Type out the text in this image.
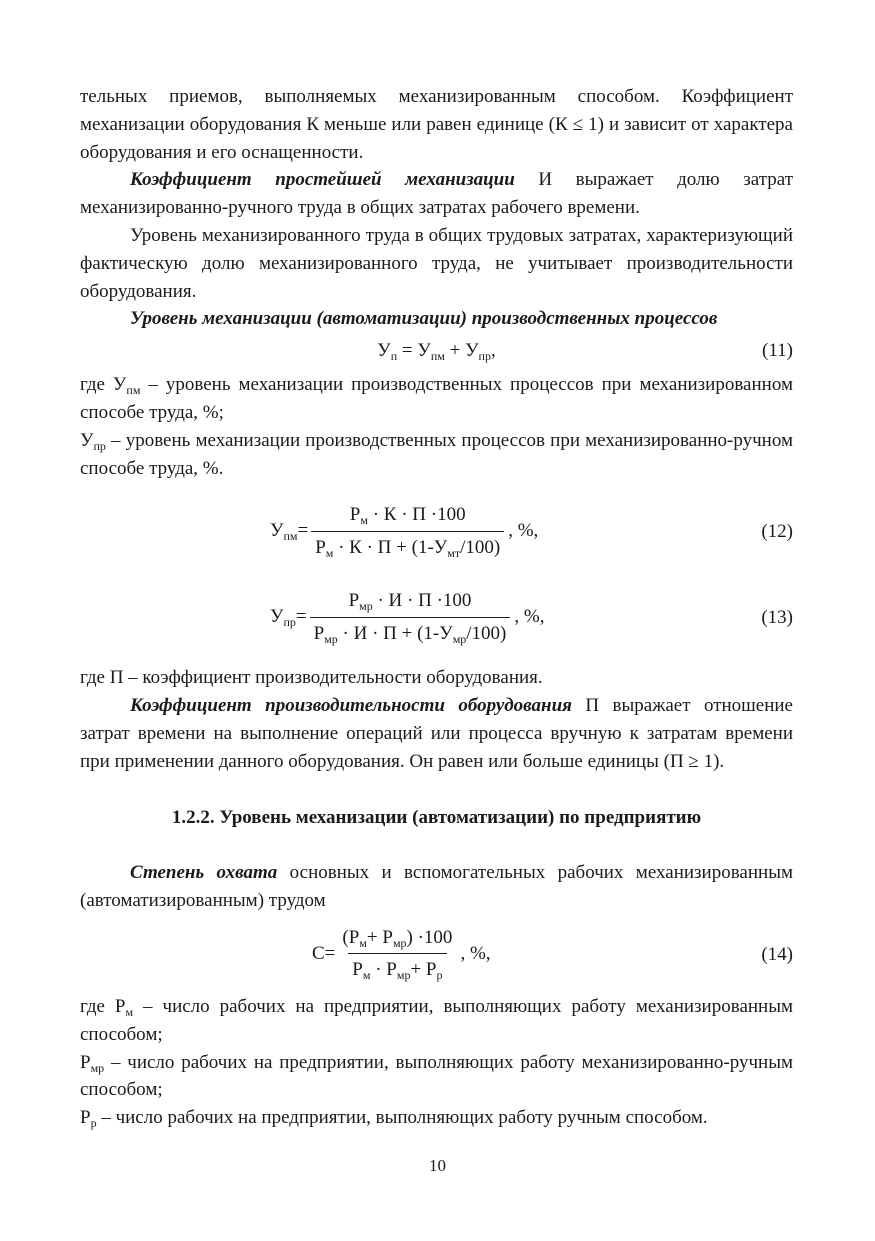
тельных приемов, выполняемых механизированным способом. Коэффициент механизации оборудования К меньше или равен единице (К ≤ 1) и зависит от характера оборудования и его оснащенности.

Коэффициент простейшей механизации И выражает долю затрат механизированно-ручного труда в общих затратах рабочего времени.

Уровень механизированного труда в общих трудовых затратах, характеризующий фактическую долю механизированного труда, не учитывает производительности оборудования.

Уровень механизации (автоматизации) производственных процессов

$У_п = У_{пм} + У_{пр}$,	(11)

где $У_{пм}$ – уровень механизации производственных процессов при механизированном способе труда, %;

$У_{пр}$ – уровень механизации производственных процессов при механизированно-ручном способе труда, %.

$У_{пм}= \frac{Р_м \cdot К \cdot П \cdot 100}{Р_м \cdot К \cdot П + (1-У_{мт}/100)}$ , %,	(12)
$У_{пр}= \frac{Р_{мр} \cdot И \cdot П \cdot 100}{Р_{мр} \cdot И \cdot П + (1-У_{мр}/100)}$ , %,	(13)

где П – коэффициент производительности оборудования.

Коэффициент производительности оборудования П выражает отношение затрат времени на выполнение операций или процесса вручную к затратам времени при применении данного оборудования. Он равен или больше единицы (П ≥ 1).

1.2.2. Уровень механизации (автоматизации) по предприятию

Степень охвата основных и вспомогательных рабочих механизированным (автоматизированным) трудом

$С= \frac{(Р_м+ Р_{мр}) \cdot 100}{Р_м \cdot Р_{мр}+ Р_р}$ , %,	(14)

где $Р_м$ – число рабочих на предприятии, выполняющих работу механизированным способом;

$Р_{мр}$ – число рабочих на предприятии, выполняющих работу механизированно-ручным способом;

$Р_р$ – число рабочих на предприятии, выполняющих работу ручным способом.

10
